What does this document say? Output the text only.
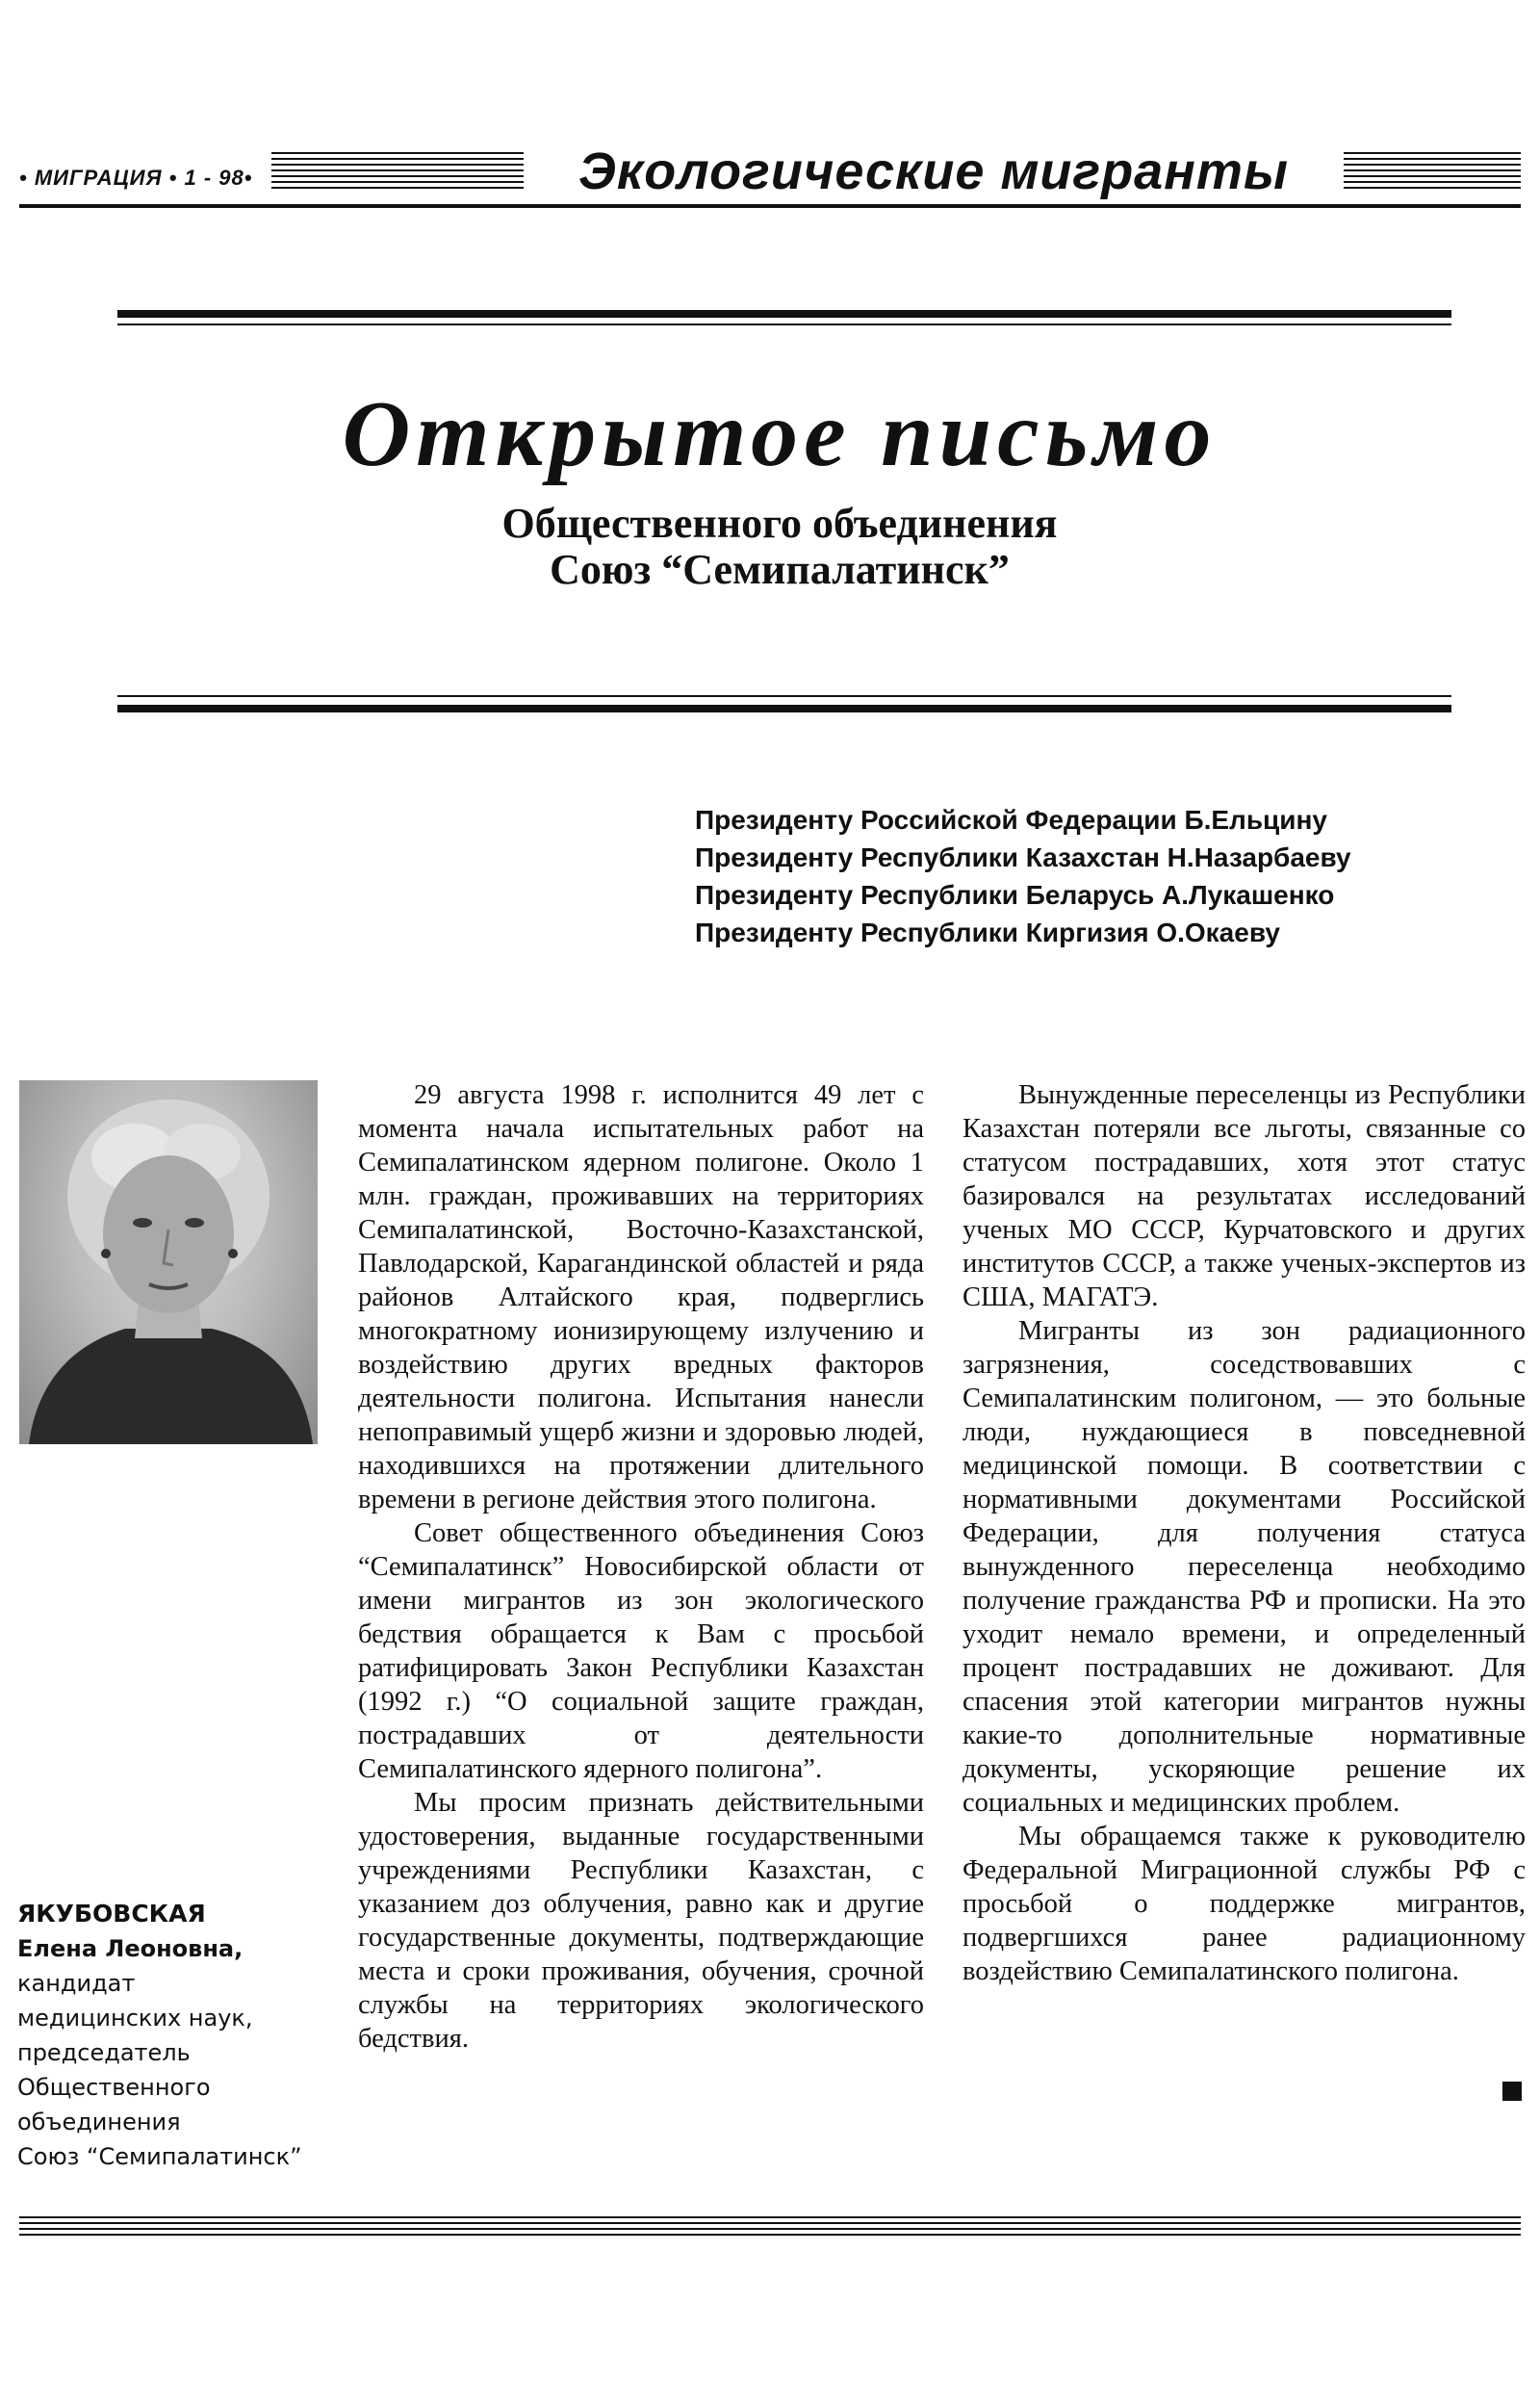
• МИГРАЦИЯ • 1 - 98•	Экологические мигранты
Открытое письмо
Общественного объединения
Союз “Семипалатинск”
Президенту Российской Федерации Б.Ельцину
Президенту Республики Казахстан Н.Назарбаеву
Президенту Республики Беларусь А.Лукашенко
Президенту Республики Киргизия О.Окаеву
ЯКУБОВСКАЯ
Елена Леоновна,
кандидат
медицинских наук,
председатель
Общественного
объединения
Союз “Семипалатинск”

29 августа 1998 г. исполнится 49 лет с момента начала испытательных работ на Семипалатинском ядерном полигоне. Около 1 млн. граждан, проживавших на территориях Семипалатинской, Восточно-Казахстанской, Павлодарской, Карагандинской областей и ряда районов Алтайского края, подверглись многократному ионизирующему излучению и воздействию других вредных факторов деятельности полигона. Испытания нанесли непоправимый ущерб жизни и здоровью людей, находившихся на протяжении длительного времени в регионе действия этого полигона.

Совет общественного объединения Союз “Семипалатинск” Новосибирской области от имени мигрантов из зон экологического бедствия обращается к Вам с просьбой ратифицировать Закон Республики Казахстан (1992 г.) “О социальной защите граждан, пострадавших от деятельности Семипалатинского ядерного полигона”.

Мы просим признать действительными удостоверения, выданные государственными учреждениями Республики Казахстан, с указанием доз облучения, равно как и другие государственные документы, подтверждающие места и сроки проживания, обучения, срочной службы на территориях экологического бедствия.

Вынужденные переселенцы из Республики Казахстан потеряли все льготы, связанные со статусом пострадавших, хотя этот статус базировался на результатах исследований ученых МО СССР, Курчатовского и других институтов СССР, а также ученых-экспертов из США, МАГАТЭ.

Мигранты из зон радиационного загрязнения, соседствовавших с Семипалатинским полигоном, — это больные люди, нуждающиеся в повседневной медицинской помощи. В соответствии с нормативными документами Российской Федерации, для получения статуса вынужденного переселенца необходимо получение гражданства РФ и прописки. На это уходит немало времени, и определенный процент пострадавших не доживают. Для спасения этой категории мигрантов нужны какие-то дополнительные нормативные документы, ускоряющие решение их социальных и медицинских проблем.

Мы обращаемся также к руководителю Федеральной Миграционной службы РФ с просьбой о поддержке мигрантов, подвергшихся ранее радиационному воздействию Семипалатинского полигона.
